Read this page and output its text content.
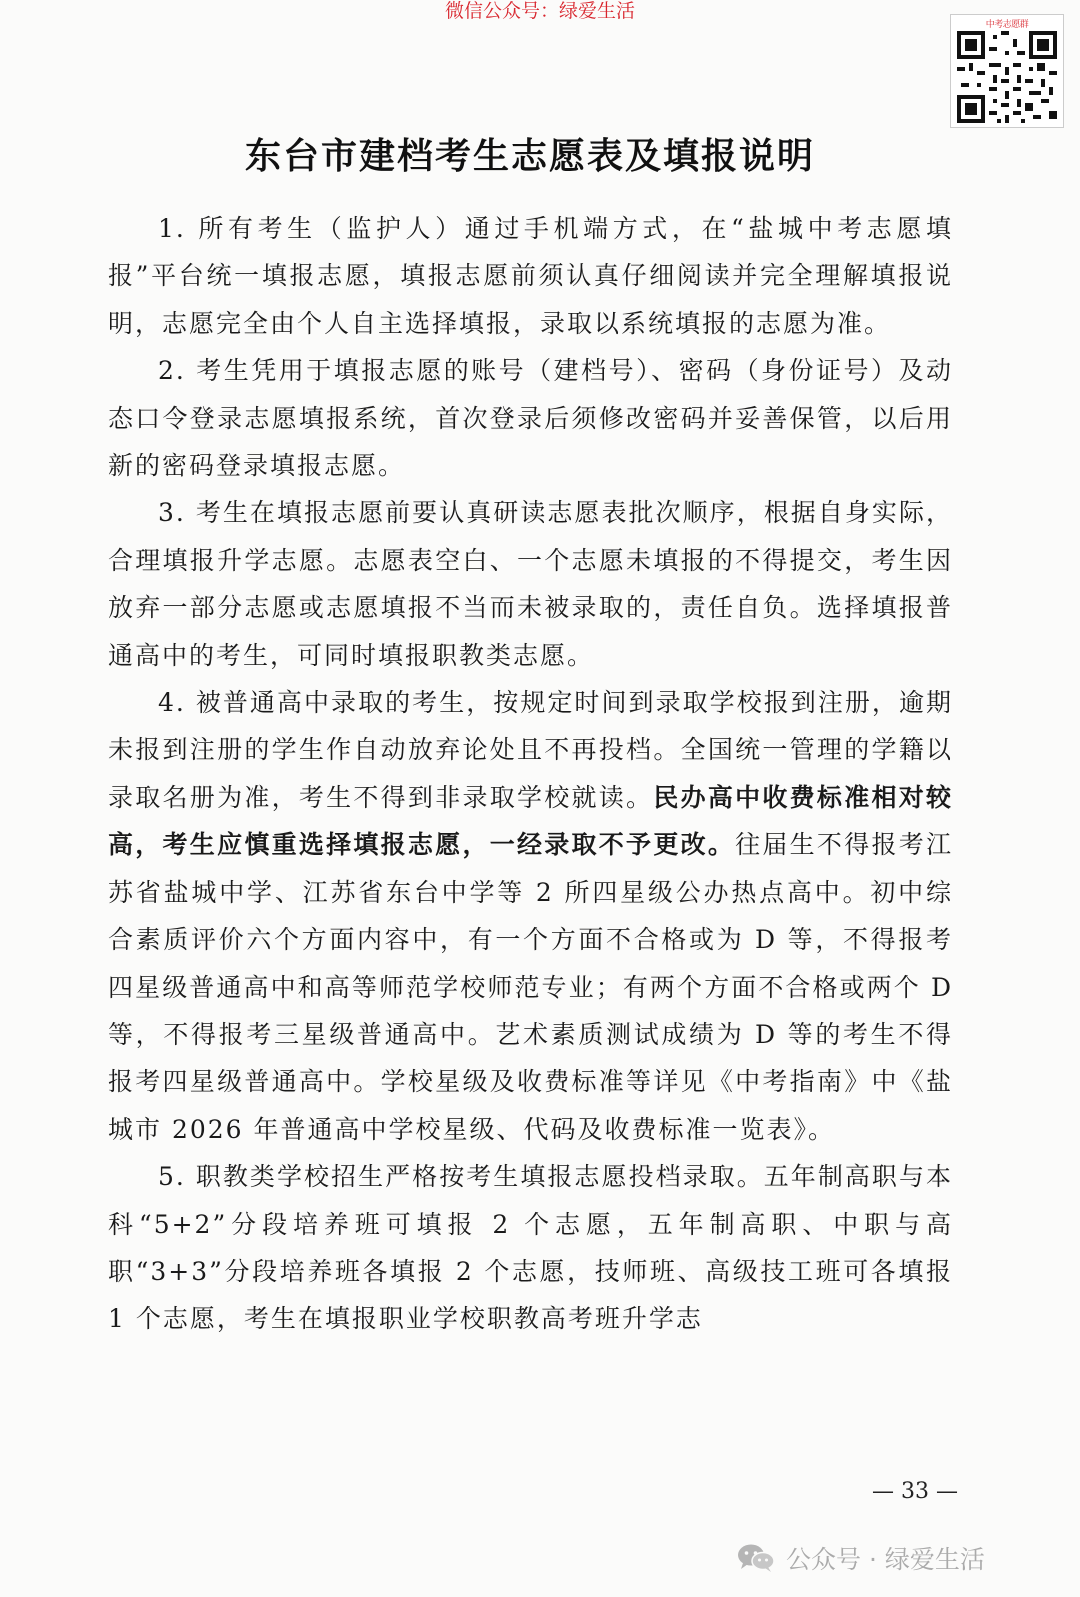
微信公众号：绿爱生活
中考志愿群
东台市建档考生志愿表及填报说明

1. 所有考生（监护人）通过手机端方式，在“盐城中考志愿填报”平台统一填报志愿，填报志愿前须认真仔细阅读并完全理解填报说明，志愿完全由个人自主选择填报，录取以系统填报的志愿为准。

2. 考生凭用于填报志愿的账号（建档号）、密码（身份证号）及动态口令登录志愿填报系统，首次登录后须修改密码并妥善保管，以后用新的密码登录填报志愿。

3. 考生在填报志愿前要认真研读志愿表批次顺序，根据自身实际，合理填报升学志愿。志愿表空白、一个志愿未填报的不得提交，考生因放弃一部分志愿或志愿填报不当而未被录取的，责任自负。选择填报普通高中的考生，可同时填报职教类志愿。

4. 被普通高中录取的考生，按规定时间到录取学校报到注册，逾期未报到注册的学生作自动放弃论处且不再投档。全国统一管理的学籍以录取名册为准，考生不得到非录取学校就读。民办高中收费标准相对较高，考生应慎重选择填报志愿，一经录取不予更改。往届生不得报考江苏省盐城中学、江苏省东台中学等 2 所四星级公办热点高中。初中综合素质评价六个方面内容中，有一个方面不合格或为 D 等，不得报考四星级普通高中和高等师范学校师范专业；有两个方面不合格或两个 D 等，不得报考三星级普通高中。艺术素质测试成绩为 D 等的考生不得报考四星级普通高中。学校星级及收费标准等详见《中考指南》中《盐城市 2026 年普通高中学校星级、代码及收费标准一览表》。

5. 职教类学校招生严格按考生填报志愿投档录取。五年制高职与本科“5+2”分段培养班可填报 2 个志愿，五年制高职、中职与高职“3+3”分段培养班各填报 2 个志愿，技师班、高级技工班可各填报 1 个志愿，考生在填报职业学校职教高考班升学志

— 33 —
公众号 · 绿爱生活
